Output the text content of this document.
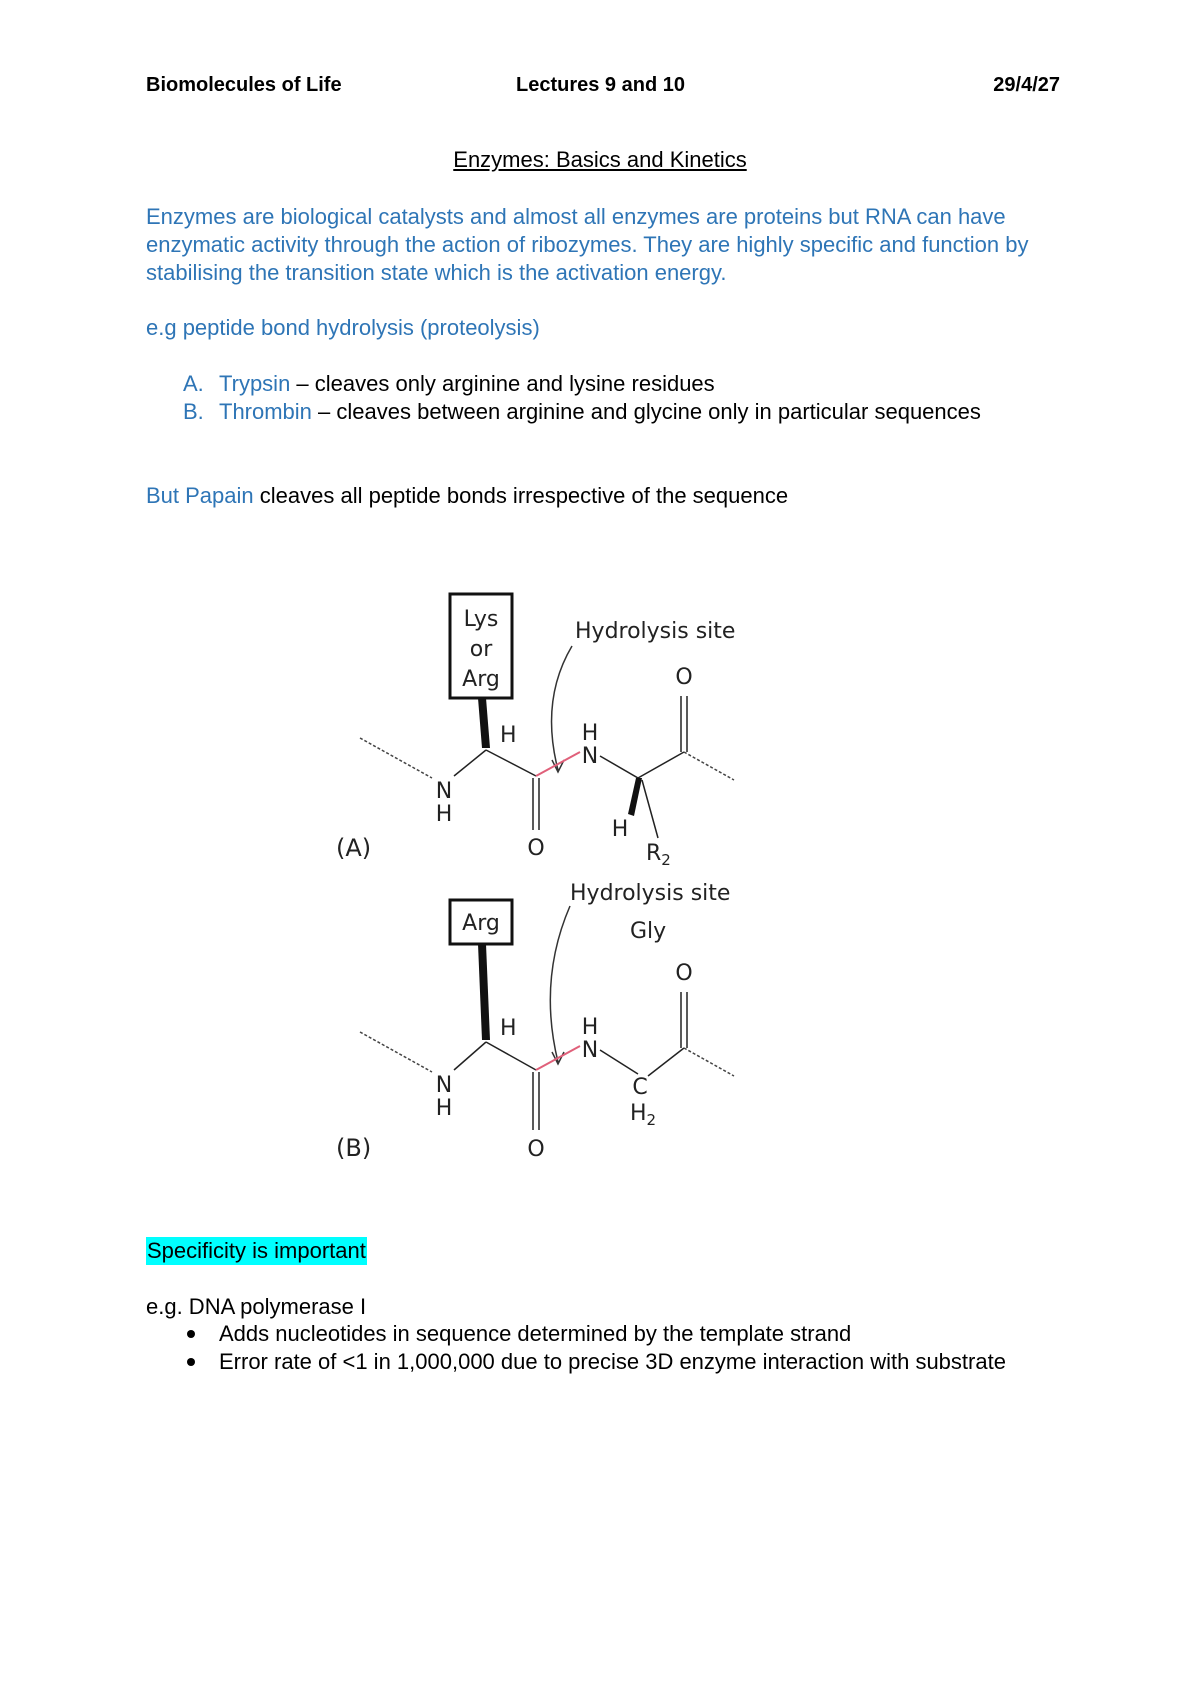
Biomolecules of Life	Lectures 9 and 10	29/4/27
Enzymes: Basics and Kinetics
Enzymes are biological catalysts and almost all enzymes are proteins but RNA can have enzymatic activity through the action of ribozymes. They are highly specific and function by stabilising the transition state which is the activation energy.
e.g peptide bond hydrolysis (proteolysis)
A. Trypsin – cleaves only arginine and lysine residues
B. Thrombin – cleaves between arginine and glycine only in particular sequences
But Papain cleaves all peptide bonds irrespective of the sequence
Lys
or
Arg
Hydrolysis site
H	H
N
N
H
O
H
$R_2$
O
(A)
Arg
Hydrolysis site
Gly
H	H
N
N
H
O
C
$H_2$
O
(B)
Specificity is important
e.g. DNA polymerase I
Adds nucleotides in sequence determined by the template strand
Error rate of <1 in 1,000,000 due to precise 3D enzyme interaction with substrate
